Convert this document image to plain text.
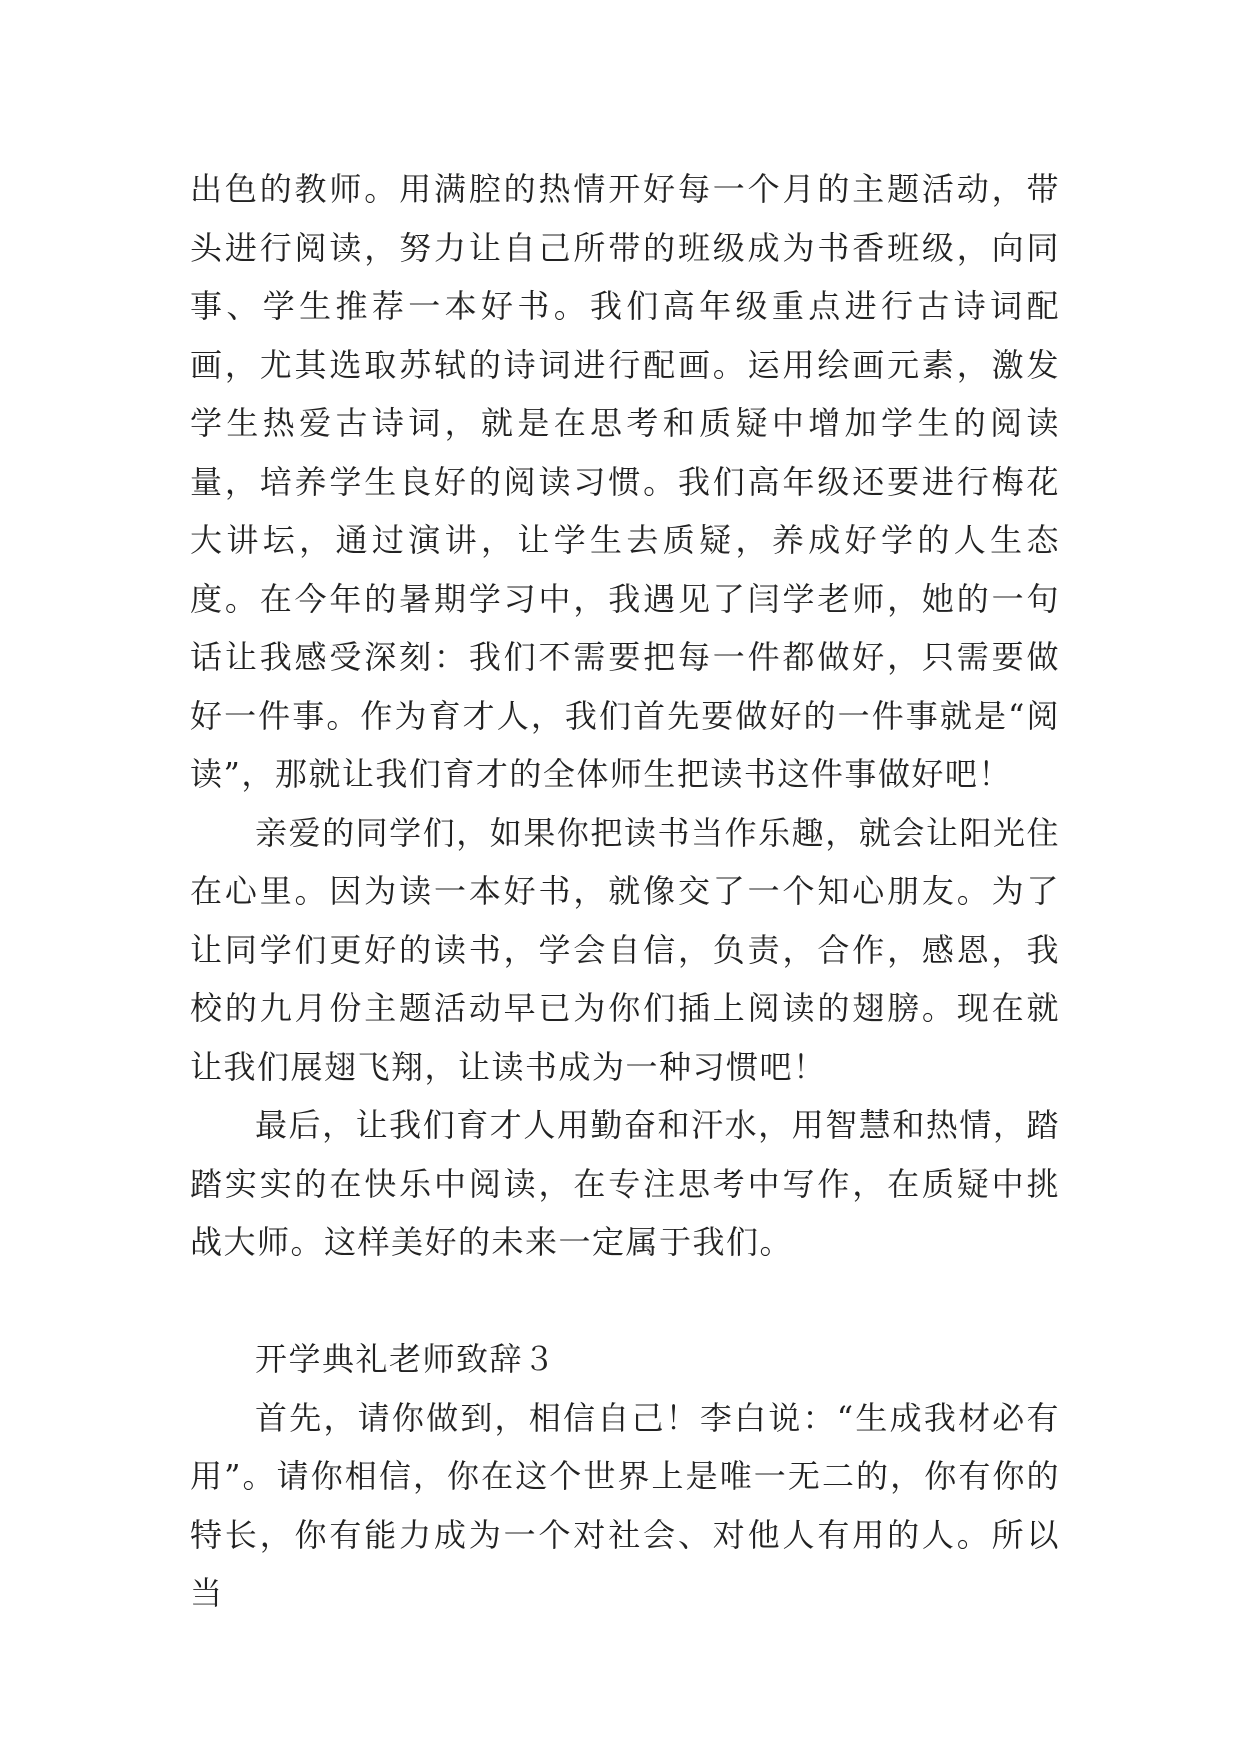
出色的教师。用满腔的热情开好每一个月的主题活动，带头进行阅读，努力让自己所带的班级成为书香班级，向同事、学生推荐一本好书。我们高年级重点进行古诗词配画，尤其选取苏轼的诗词进行配画。运用绘画元素，激发学生热爱古诗词，就是在思考和质疑中增加学生的阅读量，培养学生良好的阅读习惯。我们高年级还要进行梅花大讲坛，通过演讲，让学生去质疑，养成好学的人生态度。在今年的暑期学习中，我遇见了闫学老师，她的一句话让我感受深刻：我们不需要把每一件都做好，只需要做好一件事。作为育才人，我们首先要做好的一件事就是“阅读”，那就让我们育才的全体师生把读书这件事做好吧！

亲爱的同学们，如果你把读书当作乐趣，就会让阳光住在心里。因为读一本好书，就像交了一个知心朋友。为了让同学们更好的读书，学会自信，负责，合作，感恩，我校的九月份主题活动早已为你们插上阅读的翅膀。现在就让我们展翅飞翔，让读书成为一种习惯吧！

最后，让我们育才人用勤奋和汗水，用智慧和热情，踏踏实实的在快乐中阅读，在专注思考中写作，在质疑中挑战大师。这样美好的未来一定属于我们。

开学典礼老师致辞３

首先，请你做到，相信自己！李白说：“生成我材必有用”。请你相信，你在这个世界上是唯一无二的，你有你的特长，你有能力成为一个对社会、对他人有用的人。所以当
